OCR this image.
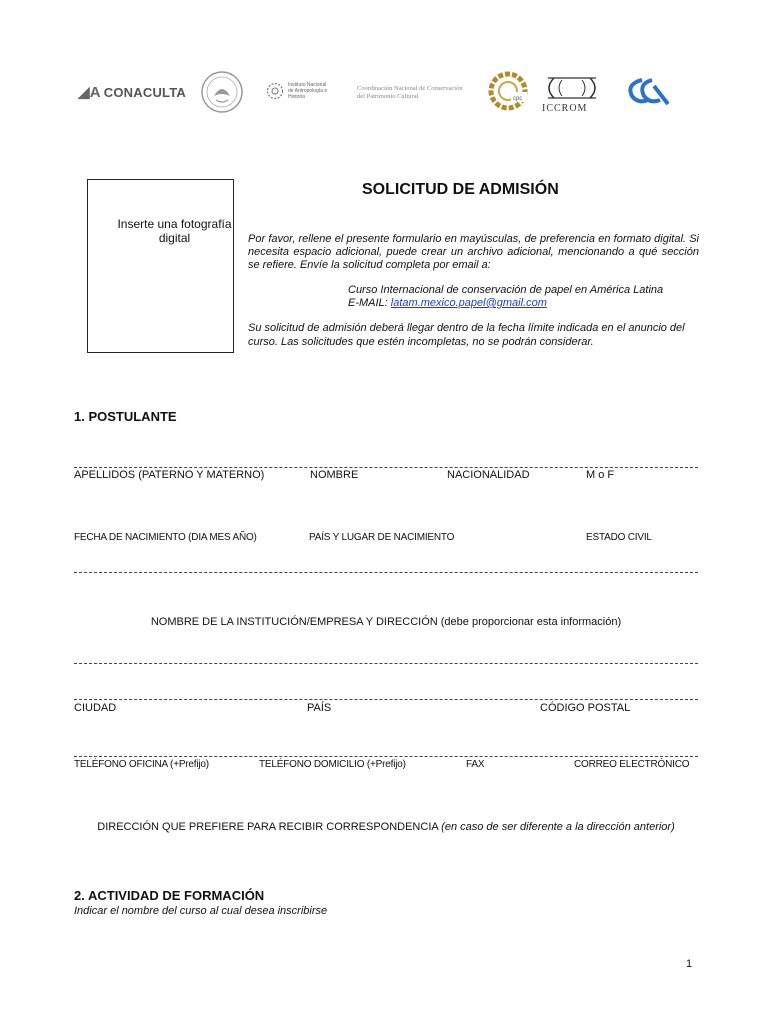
◢A CONACULTA	Instituto Nacional de Antropología e Historia
Coordinación Nacional de Conservación del Patrimonio Cultural	cpc
ICCROM
Inserte una fotografía
digital
SOLICITUD DE ADMISIÓN
Por favor, rellene el presente formulario en mayúsculas, de preferencia en formato digital. Si necesita espacio adicional, puede crear un archivo adicional, mencionando a qué sección se refiere. Envíe la solicitud completa por email a:
Curso Internacional de conservación de papel en América Latina
E-MAIL: latam.mexico.papel@gmail.com
Su solicitud de admisión deberá llegar dentro de la fecha límite indicada en el anuncio del curso. Las solicitudes que estén incompletas, no se podrán considerar.
1. POSTULANTE
APELLIDOS (PATERNO Y MATERNO)	NOMBRE	NACIONALIDAD	M o F
FECHA DE NACIMIENTO (DIA MES AÑO)	PAÍS Y LUGAR DE NACIMIENTO	ESTADO CIVIL
NOMBRE DE LA INSTITUCIÓN/EMPRESA Y DIRECCIÓN (debe proporcionar esta información)
CIUDAD	PAÍS	CÓDIGO POSTAL
TELÉFONO OFICINA (+Prefijo)	TELÉFONO DOMICILIO (+Prefijo)	FAX	CORREO ELECTRÓNICO
DIRECCIÓN QUE PREFIERE PARA RECIBIR CORRESPONDENCIA (en caso de ser diferente a la dirección anterior)
2. ACTIVIDAD DE FORMACIÓN
Indicar el nombre del curso al cual desea inscribirse
1
